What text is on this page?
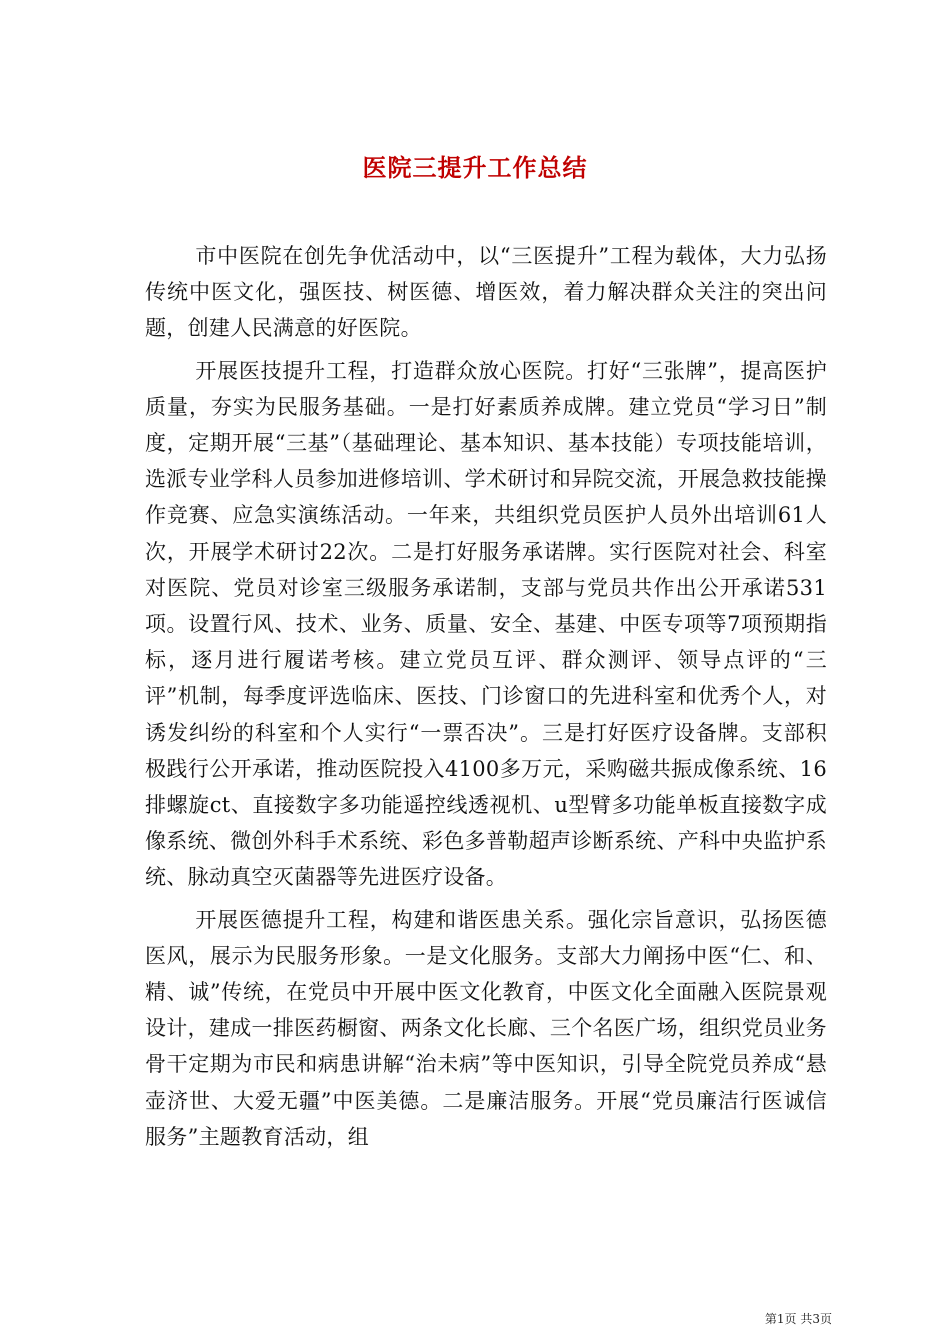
医院三提升工作总结

市中医院在创先争优活动中，以“三医提升”工程为载体，大力弘扬传统中医文化，强医技、树医德、增医效，着力解决群众关注的突出问题，创建人民满意的好医院。

开展医技提升工程，打造群众放心医院。打好“三张牌”，提高医护质量，夯实为民服务基础。一是打好素质养成牌。建立党员“学习日”制度，定期开展“三基”（基础理论、基本知识、基本技能）专项技能培训，选派专业学科人员参加进修培训、学术研讨和异院交流，开展急救技能操作竞赛、应急实演练活动。一年来，共组织党员医护人员外出培训61人次，开展学术研讨22次。二是打好服务承诺牌。实行医院对社会、科室对医院、党员对诊室三级服务承诺制，支部与党员共作出公开承诺531项。设置行风、技术、业务、质量、安全、基建、中医专项等7项预期指标，逐月进行履诺考核。建立党员互评、群众测评、领导点评的“三评”机制，每季度评选临床、医技、门诊窗口的先进科室和优秀个人，对诱发纠纷的科室和个人实行“一票否决”。三是打好医疗设备牌。支部积极践行公开承诺，推动医院投入4100多万元，采购磁共振成像系统、16排螺旋ct、直接数字多功能遥控线透视机、u型臂多功能单板直接数字成像系统、微创外科手术系统、彩色多普勒超声诊断系统、产科中央监护系统、脉动真空灭菌器等先进医疗设备。

开展医德提升工程，构建和谐医患关系。强化宗旨意识，弘扬医德医风，展示为民服务形象。一是文化服务。支部大力阐扬中医“仁、和、精、诚”传统，在党员中开展中医文化教育，中医文化全面融入医院景观设计，建成一排医药橱窗、两条文化长廊、三个名医广场，组织党员业务骨干定期为市民和病患讲解“治未病”等中医知识，引导全院党员养成“悬壶济世、大爱无疆”中医美德。二是廉洁服务。开展“党员廉洁行医诚信服务”主题教育活动，组

第1页 共3页
